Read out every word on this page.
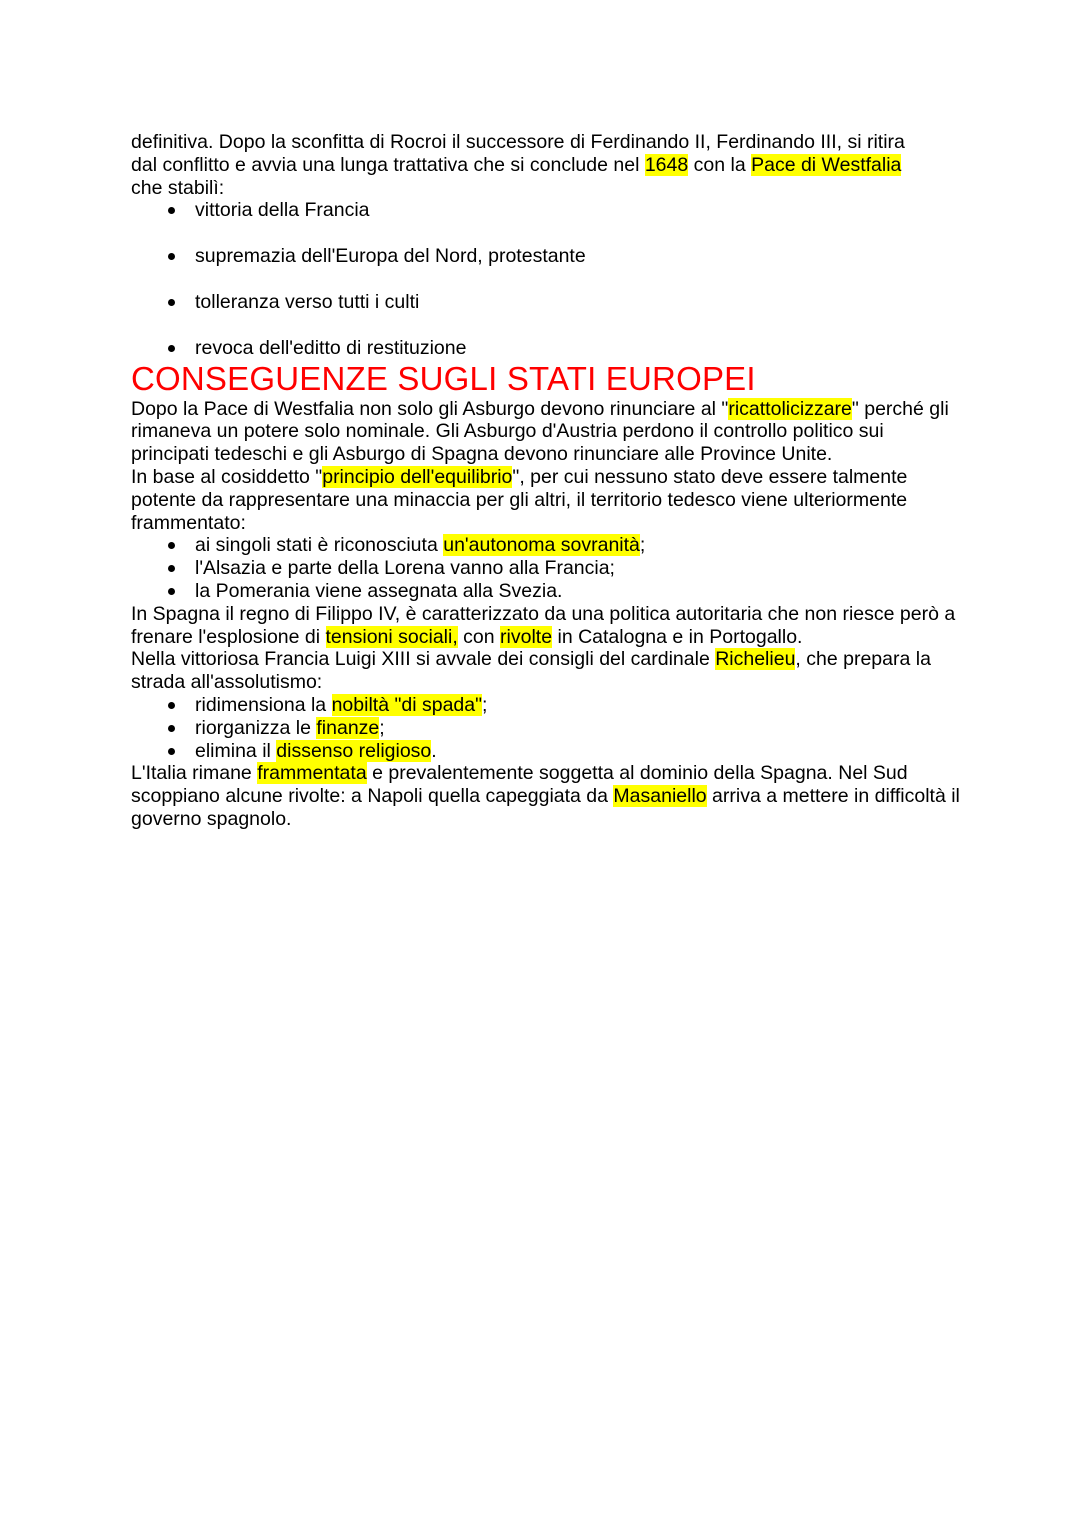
definitiva. Dopo la sconfitta di Rocroi il successore di Ferdinando II, Ferdinando III, si ritira
dal conflitto e avvia una lunga trattativa che si conclude nel 1648 con la Pace di Westfalia
che stabilì:

vittoria della Francia
supremazia dell'Europa del Nord, protestante
tolleranza verso tutti i culti
revoca dell'editto di restituzione
CONSEGUENZE SUGLI STATI EUROPEI

Dopo la Pace di Westfalia non solo gli Asburgo devono rinunciare al "ricattolicizzare" perché gli rimaneva un potere solo nominale. Gli Asburgo d'Austria perdono il controllo politico sui principati tedeschi e gli Asburgo di Spagna devono rinunciare alle Province Unite.

In base al cosiddetto "principio dell'equilibrio", per cui nessuno stato deve essere talmente potente da rappresentare una minaccia per gli altri, il territorio tedesco viene ulteriormente frammentato:

ai singoli stati è riconosciuta un'autonoma sovranità;
l'Alsazia e parte della Lorena vanno alla Francia;
la Pomerania viene assegnata alla Svezia.

In Spagna il regno di Filippo IV, è caratterizzato da una politica autoritaria che non riesce però a frenare l'esplosione di tensioni sociali, con rivolte in Catalogna e in Portogallo.

Nella vittoriosa Francia Luigi XIII si avvale dei consigli del cardinale Richelieu, che prepara la strada all'assolutismo:

ridimensiona la nobiltà "di spada";
riorganizza le finanze;
elimina il dissenso religioso.

L'Italia rimane frammentata e prevalentemente soggetta al dominio della Spagna. Nel Sud scoppiano alcune rivolte: a Napoli quella capeggiata da Masaniello arriva a mettere in difficoltà il governo spagnolo.
